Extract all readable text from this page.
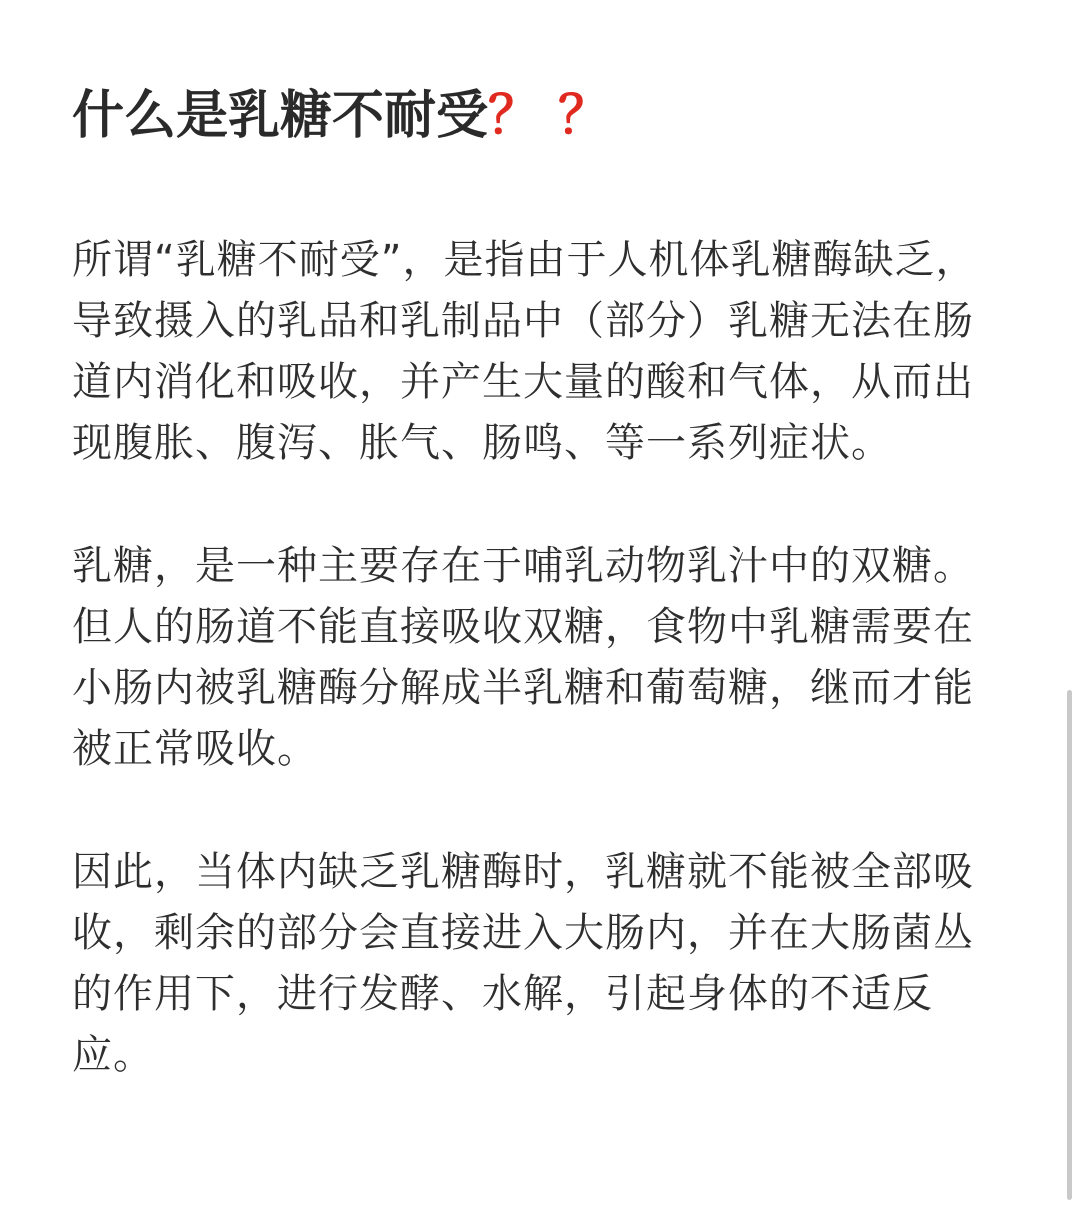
什么是乳糖不耐受？ ？

所谓“乳糖不耐受”，是指由于人机体乳糖酶缺乏，导致摄入的乳品和乳制品中（部分）乳糖无法在肠道内消化和吸收，并产生大量的酸和气体，从而出现腹胀、腹泻、胀气、肠鸣、等一系列症状。

乳糖，是一种主要存在于哺乳动物乳汁中的双糖。但人的肠道不能直接吸收双糖，食物中乳糖需要在小肠内被乳糖酶分解成半乳糖和葡萄糖，继而才能被正常吸收。

因此，当体内缺乏乳糖酶时，乳糖就不能被全部吸收，剩余的部分会直接进入大肠内，并在大肠菌丛的作用下，进行发酵、水解，引起身体的不适反应。
